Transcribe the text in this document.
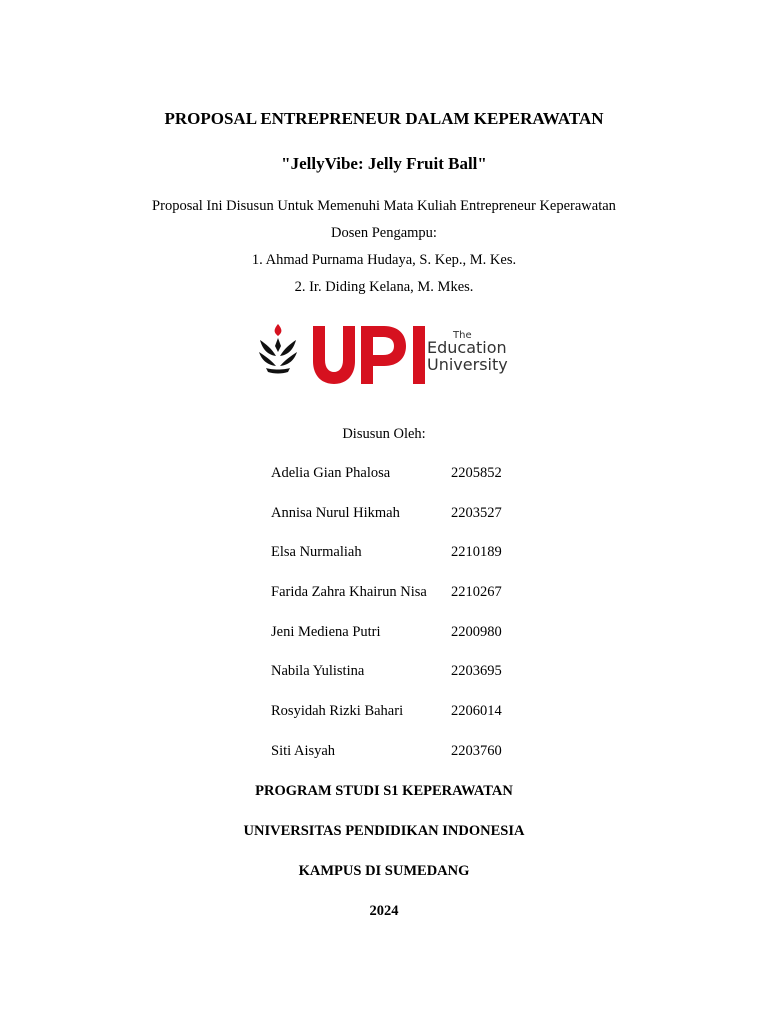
PROPOSAL ENTREPRENEUR DALAM KEPERAWATAN
"JellyVibe: Jelly Fruit Ball"
Proposal Ini Disusun Untuk Memenuhi Mata Kuliah Entrepreneur Keperawatan
Dosen Pengampu:
1. Ahmad Purnama Hudaya, S. Kep., M. Kes.
2. Ir. Diding Kelana, M. Mkes.
The
Education
University
Disusun Oleh:
Adelia Gian Phalosa	2205852
Annisa Nurul Hikmah	2203527
Elsa Nurmaliah	2210189
Farida Zahra Khairun Nisa 2210267
Jeni Mediena Putri	2200980
Nabila Yulistina	2203695
Rosyidah Rizki Bahari	2206014
Siti Aisyah	2203760
PROGRAM STUDI S1 KEPERAWATAN
UNIVERSITAS PENDIDIKAN INDONESIA
KAMPUS DI SUMEDANG
2024
